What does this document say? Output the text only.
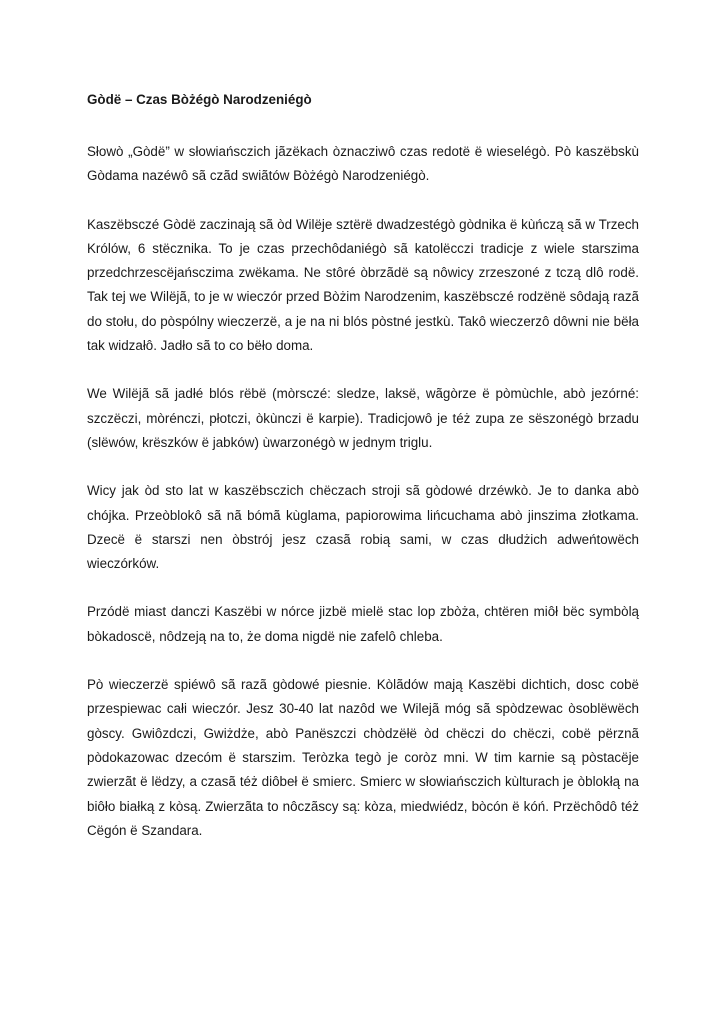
Gòdë – Czas Bòżégò Narodzeniégò

Słowò „Gòdë” w słowiańsczich jãzëkach òznacziwô czas redotë ë wieselégò. Pò kaszëbskù Gòdama nazéwô sã czãd swiãtów Bòżégò Narodzeniégò.

Kaszëbsczé Gòdë zaczinają sã òd Wilëje sztërë dwadzestégò gòdnika ë kùńczą sã w Trzech Królów, 6 stëcznika. To je czas przechôdaniégò sã katolëcczi tradicje z wiele starszima przedchrzescëjańsczima zwëkama. Ne stôré òbrzãdë są nôwicy zrzeszoné z tczą dlô rodë. Tak tej we Wilëjã, to je w wieczór przed Bòżim Narodzenim, kaszëbsczé rodzënë sôdają razã do stołu, do pòspólny wieczerzë, a je na ni blós pòstné jestkù. Takô wieczerzô dôwni nie bëła tak widzałô. Jadło sã to co bëło doma.

We Wilëjã sã jadłé blós rëbë (mòrsczé: sledze, laksë, wãgòrze ë pòmùchle, abò jezórné: szczëczi, mòrénczi, płotczi, òkùnczi ë karpie). Tradicjowô je téż zupa ze sëszonégò brzadu (slëwów, krëszków ë jabków) ùwarzonégò w jednym triglu.

Wicy jak òd sto lat w kaszëbsczich chëczach stroji sã gòdowé drzéwkò. Je to danka abò chójka. Przeòblokô sã nã bómã kùglama, papiorowima lińcuchama abò jinszima złotkama. Dzecë ë starszi nen òbstrój jesz czasã robią sami, w czas dłudżich adweńtowëch wieczórków.

Przódë miast danczi Kaszëbi w nórce jizbë mielë stac lop zbòża, chtëren miôł bëc symbòlą bòkadoscë, nôdzeją na to, że doma nigdë nie zafelô chleba.

Pò wieczerzë spiéwô sã razã gòdowé piesnie. Kòlãdów mają Kaszëbi dichtich, dosc cobë przespiewac całi wieczór. Jesz 30-40 lat nazôd we Wilejã móg sã spòdzewac òsoblëwëch gòscy. Gwiôzdczi, Gwiżdże, abò Panëszczi chòdzëłë òd chëczi do chëczi, cobë përznã pòdokazowac dzecóm ë starszim. Teròzka tegò je coròz mni. W tim karnie są pòstacëje zwierzãt ë lëdzy, a czasã téż diôbeł ë smierc. Smierc w słowiańsczich kùlturach je òblokłą na biôło białką z kòsą. Zwierzãta to nôczãscy są: kòza, miedwiédz, bòcón ë kóń. Przëchôdô téż Cëgón ë Szandara.
